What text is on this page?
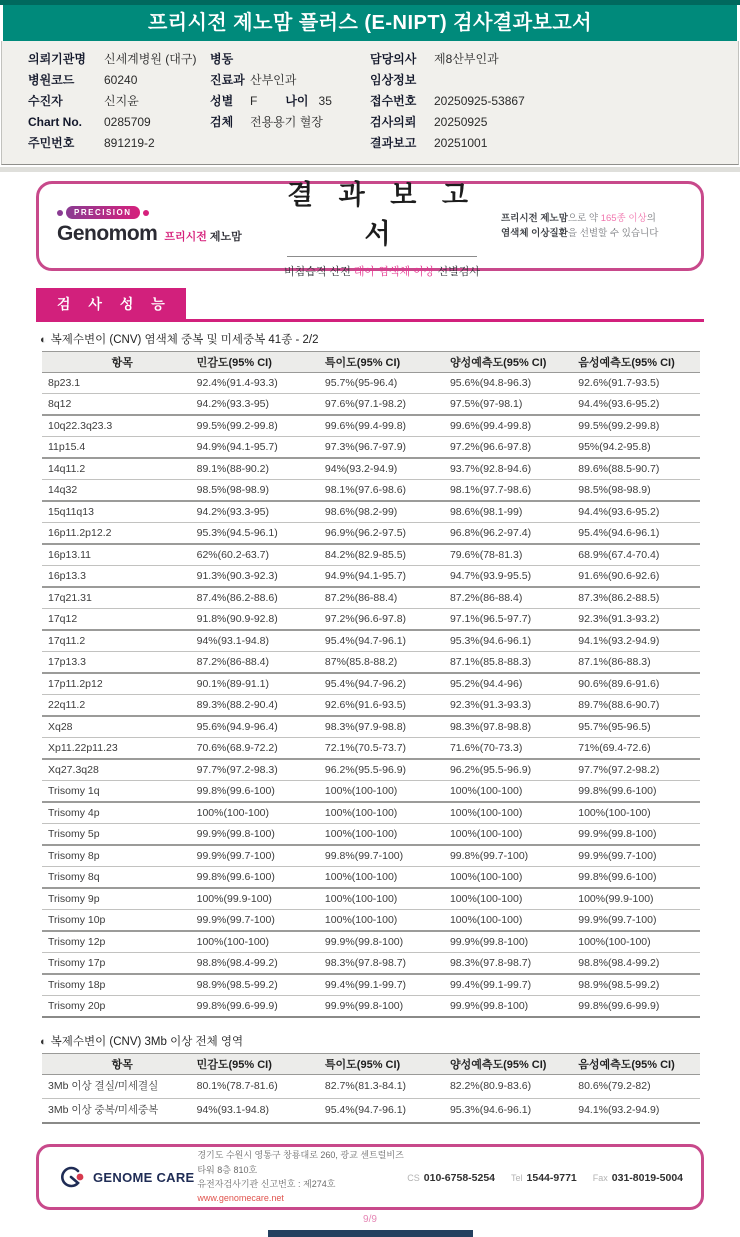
프리시전 제노맘 플러스 (E-NIPT) 검사결과보고서
의뢰기관명 신세계병원 (대구)
병원코드 60240
수진자	신지윤
Chart No. 0285709
주민번호 891219-2
병동
진료과 산부인과
성별 F 나이 35
검체 전용용기 혈장
담당의사 제8산부인과
임상정보
접수번호 20250925-53867
검사의뢰 20250925
결과보고 20251001
PRECISION
Genomom 프리시전 제노맘
결 과 보 고 서
비침습적 산전 태아 염색체 이상 선별검사
프리시전 제노맘으로 약 165종 이상의
염색체 이상질환을 선별할 수 있습니다
검 사 성 능
◐ 복제수변이 (CNV) 염색체 중복 및 미세중복 41종 - 2/2
항목	민감도(95% CI)	특이도(95% CI)	양성예측도(95% CI)	음성예측도(95% CI)
8p23.1	92.4%(91.4-93.3)	95.7%(95-96.4)	95.6%(94.8-96.3)	92.6%(91.7-93.5)
8q12	94.2%(93.3-95)	97.6%(97.1-98.2)	97.5%(97-98.1)	94.4%(93.6-95.2)
10q22.3q23.3	99.5%(99.2-99.8)	99.6%(99.4-99.8)	99.6%(99.4-99.8)	99.5%(99.2-99.8)
11p15.4	94.9%(94.1-95.7)	97.3%(96.7-97.9)	97.2%(96.6-97.8)	95%(94.2-95.8)
14q11.2	89.1%(88-90.2)	94%(93.2-94.9)	93.7%(92.8-94.6)	89.6%(88.5-90.7)
14q32	98.5%(98-98.9)	98.1%(97.6-98.6)	98.1%(97.7-98.6)	98.5%(98-98.9)
15q11q13	94.2%(93.3-95)	98.6%(98.2-99)	98.6%(98.1-99)	94.4%(93.6-95.2)
16p11.2p12.2	95.3%(94.5-96.1)	96.9%(96.2-97.5)	96.8%(96.2-97.4)	95.4%(94.6-96.1)
16p13.11	62%(60.2-63.7)	84.2%(82.9-85.5)	79.6%(78-81.3)	68.9%(67.4-70.4)
16p13.3	91.3%(90.3-92.3)	94.9%(94.1-95.7)	94.7%(93.9-95.5)	91.6%(90.6-92.6)
17q21.31	87.4%(86.2-88.6)	87.2%(86-88.4)	87.2%(86-88.4)	87.3%(86.2-88.5)
17q12	91.8%(90.9-92.8)	97.2%(96.6-97.8)	97.1%(96.5-97.7)	92.3%(91.3-93.2)
17q11.2	94%(93.1-94.8)	95.4%(94.7-96.1)	95.3%(94.6-96.1)	94.1%(93.2-94.9)
17p13.3	87.2%(86-88.4)	87%(85.8-88.2)	87.1%(85.8-88.3)	87.1%(86-88.3)
17p11.2p12	90.1%(89-91.1)	95.4%(94.7-96.2)	95.2%(94.4-96)	90.6%(89.6-91.6)
22q11.2	89.3%(88.2-90.4)	92.6%(91.6-93.5)	92.3%(91.3-93.3)	89.7%(88.6-90.7)
Xq28	95.6%(94.9-96.4)	98.3%(97.9-98.8)	98.3%(97.8-98.8)	95.7%(95-96.5)
Xp11.22p11.23	70.6%(68.9-72.2)	72.1%(70.5-73.7)	71.6%(70-73.3)	71%(69.4-72.6)
Xq27.3q28	97.7%(97.2-98.3)	96.2%(95.5-96.9)	96.2%(95.5-96.9)	97.7%(97.2-98.2)
Trisomy 1q	99.8%(99.6-100)	100%(100-100)	100%(100-100)	99.8%(99.6-100)
Trisomy 4p	100%(100-100)	100%(100-100)	100%(100-100)	100%(100-100)
Trisomy 5p	99.9%(99.8-100)	100%(100-100)	100%(100-100)	99.9%(99.8-100)
Trisomy 8p	99.9%(99.7-100)	99.8%(99.7-100)	99.8%(99.7-100)	99.9%(99.7-100)
Trisomy 8q	99.8%(99.6-100)	100%(100-100)	100%(100-100)	99.8%(99.6-100)
Trisomy 9p	100%(99.9-100)	100%(100-100)	100%(100-100)	100%(99.9-100)
Trisomy 10p	99.9%(99.7-100)	100%(100-100)	100%(100-100)	99.9%(99.7-100)
Trisomy 12p	100%(100-100)	99.9%(99.8-100)	99.9%(99.8-100)	100%(100-100)
Trisomy 17p	98.8%(98.4-99.2)	98.3%(97.8-98.7)	98.3%(97.8-98.7)	98.8%(98.4-99.2)
Trisomy 18p	98.9%(98.5-99.2)	99.4%(99.1-99.7)	99.4%(99.1-99.7)	98.9%(98.5-99.2)
Trisomy 20p	99.8%(99.6-99.9)	99.9%(99.8-100)	99.9%(99.8-100)	99.8%(99.6-99.9)
◐ 복제수변이 (CNV) 3Mb 이상 전체 영역
항목	민감도(95% CI)	특이도(95% CI)	양성예측도(95% CI)	음성예측도(95% CI)
3Mb 이상 결실/미세결실	80.1%(78.7-81.6)	82.7%(81.3-84.1)	82.2%(80.9-83.6)	80.6%(79.2-82)
3Mb 이상 중복/미세중복	94%(93.1-94.8)	95.4%(94.7-96.1)	95.3%(94.6-96.1)	94.1%(93.2-94.9)
GENOME CARE
경기도 수원시 영통구 창룡대로 260, 광교 센트럴비즈타워 8층 810호
유전자검사기관 신고번호 : 제274호
www.genomecare.net
CS 010-6758-5254 Tel 1544-9771 Fax 031-8019-5004
9/9
